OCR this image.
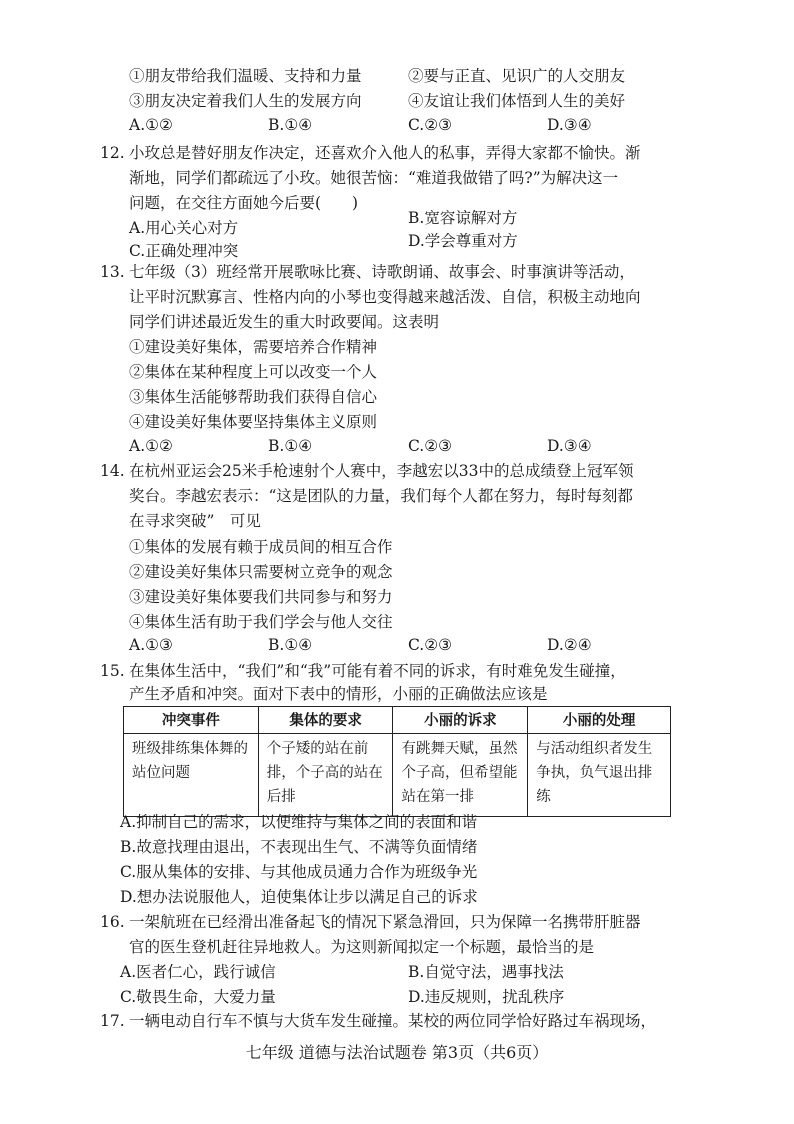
①朋友带给我们温暖、支持和力量	②要与正直、见识广的人交朋友
③朋友决定着我们人生的发展方向	④友谊让我们体悟到人生的美好
A.①②	B.①④	C.②③	D.③④
12. 小玫总是替好朋友作决定，还喜欢介入他人的私事，弄得大家都不愉快。渐
渐地，同学们都疏远了小玫。她很苦恼：“难道我做错了吗?”为解决这一
问题，在交往方面她今后要(　　)
A.用心关心对方
B.宽容谅解对方
C.正确处理冲突
D.学会尊重对方
13. 七年级（3）班经常开展歌咏比赛、诗歌朗诵、故事会、时事演讲等活动，
让平时沉默寡言、性格内向的小琴也变得越来越活泼、自信，积极主动地向
同学们讲述最近发生的重大时政要闻。这表明
①建设美好集体，需要培养合作精神
②集体在某种程度上可以改变一个人
③集体生活能够帮助我们获得自信心
④建设美好集体要坚持集体主义原则
A.①②	B.①④	C.②③	D.③④
14. 在杭州亚运会25米手枪速射个人赛中，李越宏以33中的总成绩登上冠军领
奖台。李越宏表示：“这是团队的力量，我们每个人都在努力，每时每刻都
在寻求突破”　可见
①集体的发展有赖于成员间的相互合作
②建设美好集体只需要树立竞争的观念
③建设美好集体要我们共同参与和努力
④集体生活有助于我们学会与他人交往
A.①③	B.①④	C.②③	D.②④
15. 在集体生活中，“我们”和“我”可能有着不同的诉求，有时难免发生碰撞，
冲突事件	集体的要求	小丽的诉求	小丽的处理
班级排练集体舞的站位问题	个子矮的站在前排，个子高的站在后排	有跳舞天赋，虽然个子高，但希望能站在第一排	与活动组织者发生争执，负气退出排练
产生矛盾和冲突。面对下表中的情形，小丽的正确做法应该是
A.抑制自己的需求，以便维持与集体之间的表面和谐
B.故意找理由退出，不表现出生气、不满等负面情绪
C.服从集体的安排、与其他成员通力合作为班级争光
D.想办法说服他人，迫使集体让步以满足自己的诉求
16. 一架航班在已经滑出准备起飞的情况下紧急滑回，只为保障一名携带肝脏器
官的医生登机赶往异地救人。为这则新闻拟定一个标题，最恰当的是
A.医者仁心，践行诚信	B.自觉守法，遇事找法
C.敬畏生命，大爱力量	D.违反规则，扰乱秩序
17. 一辆电动自行车不慎与大货车发生碰撞。某校的两位同学恰好路过车祸现场，
七年级 道德与法治试题卷 第3页（共6页）
